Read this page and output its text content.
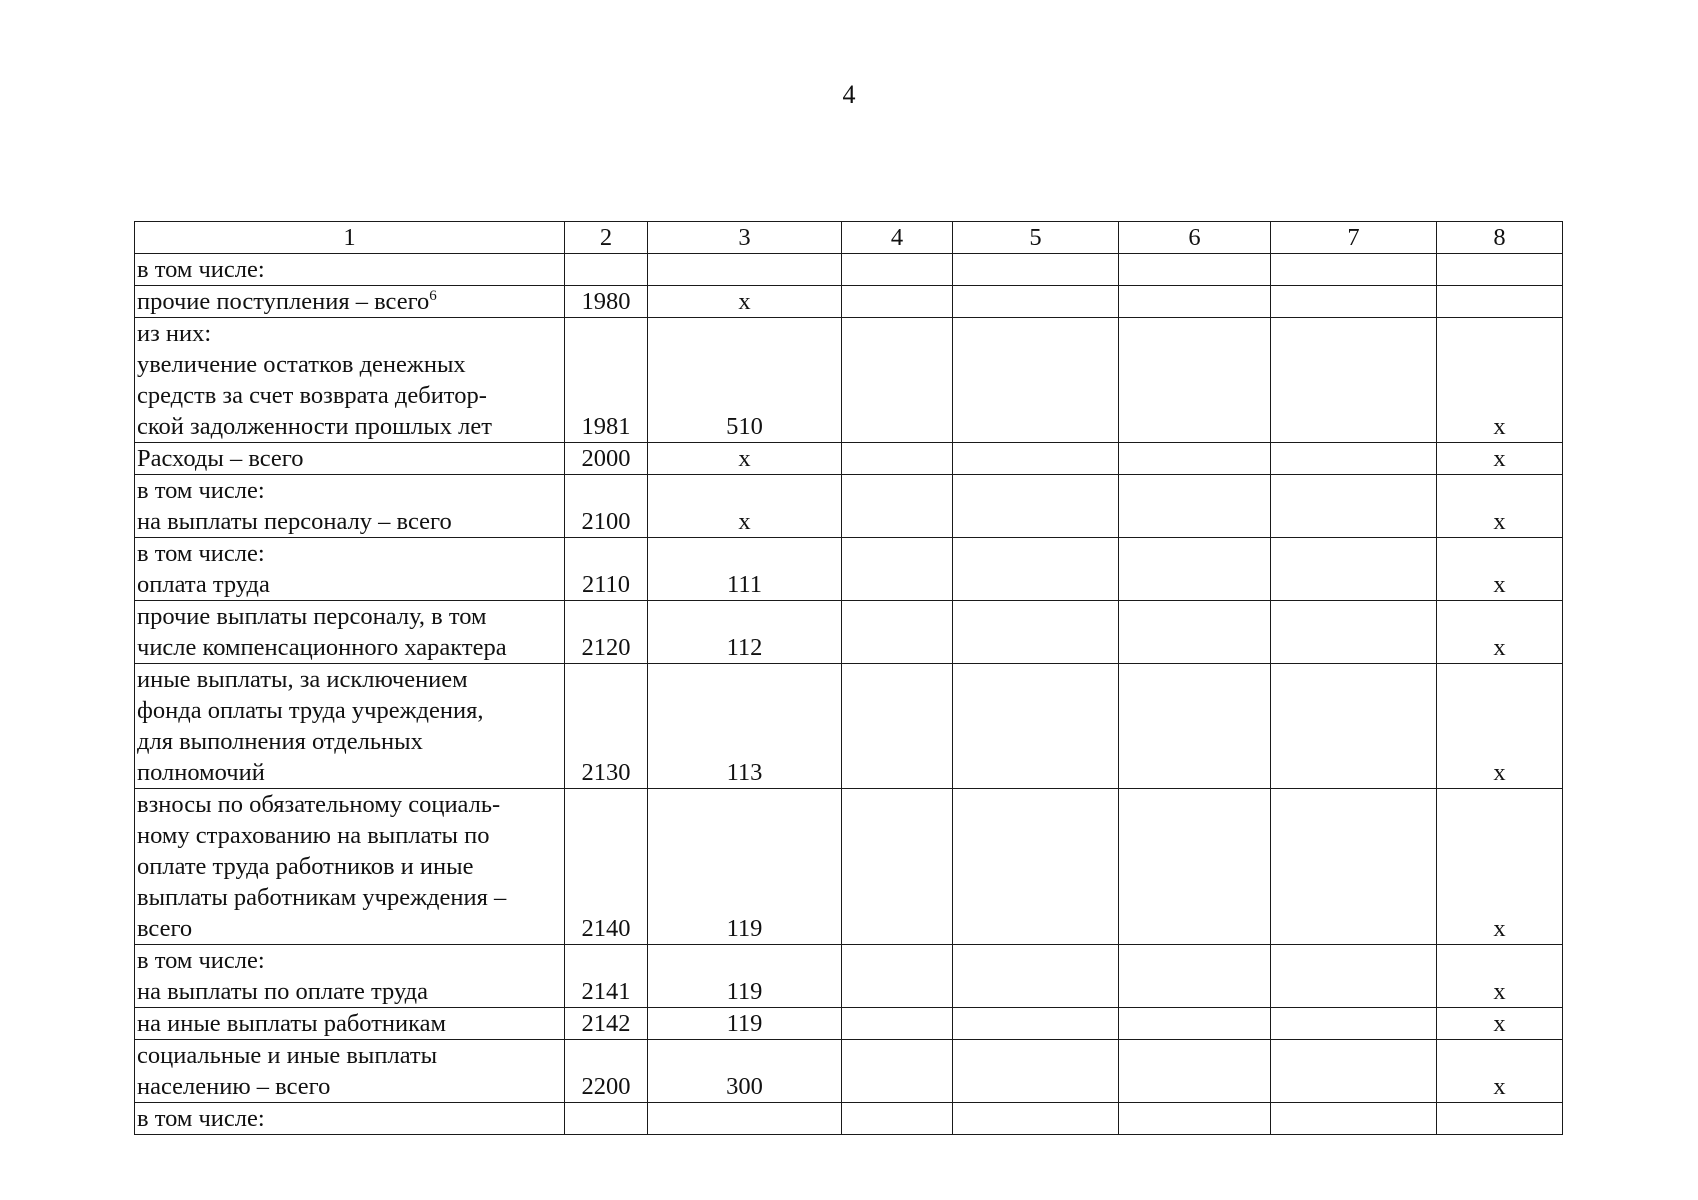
4
1	2	3	4	5	6	7	8
в том числе:							
прочие поступления – всего$^6$	1980	х					
из них:
увеличение остатков денежных
средств за счет возврата дебитор-
ской задолженности прошлых лет	1981	510					х
Расходы – всего	2000	х					х
в том числе:
на выплаты персоналу – всего	2100	х					х
в том числе:
оплата труда	2110	111					х
прочие выплаты персоналу, в том
числе компенсационного характера	2120	112					х
иные выплаты, за исключением
фонда оплаты труда учреждения,
для выполнения отдельных
полномочий	2130	113					х
взносы по обязательному социаль-
ному страхованию на выплаты по
оплате труда работников и иные
выплаты работникам учреждения –
всего	2140	119					х
в том числе:
на выплаты по оплате труда	2141	119					х
на иные выплаты работникам	2142	119					х
социальные и иные выплаты
населению – всего	2200	300					х
в том числе:							
